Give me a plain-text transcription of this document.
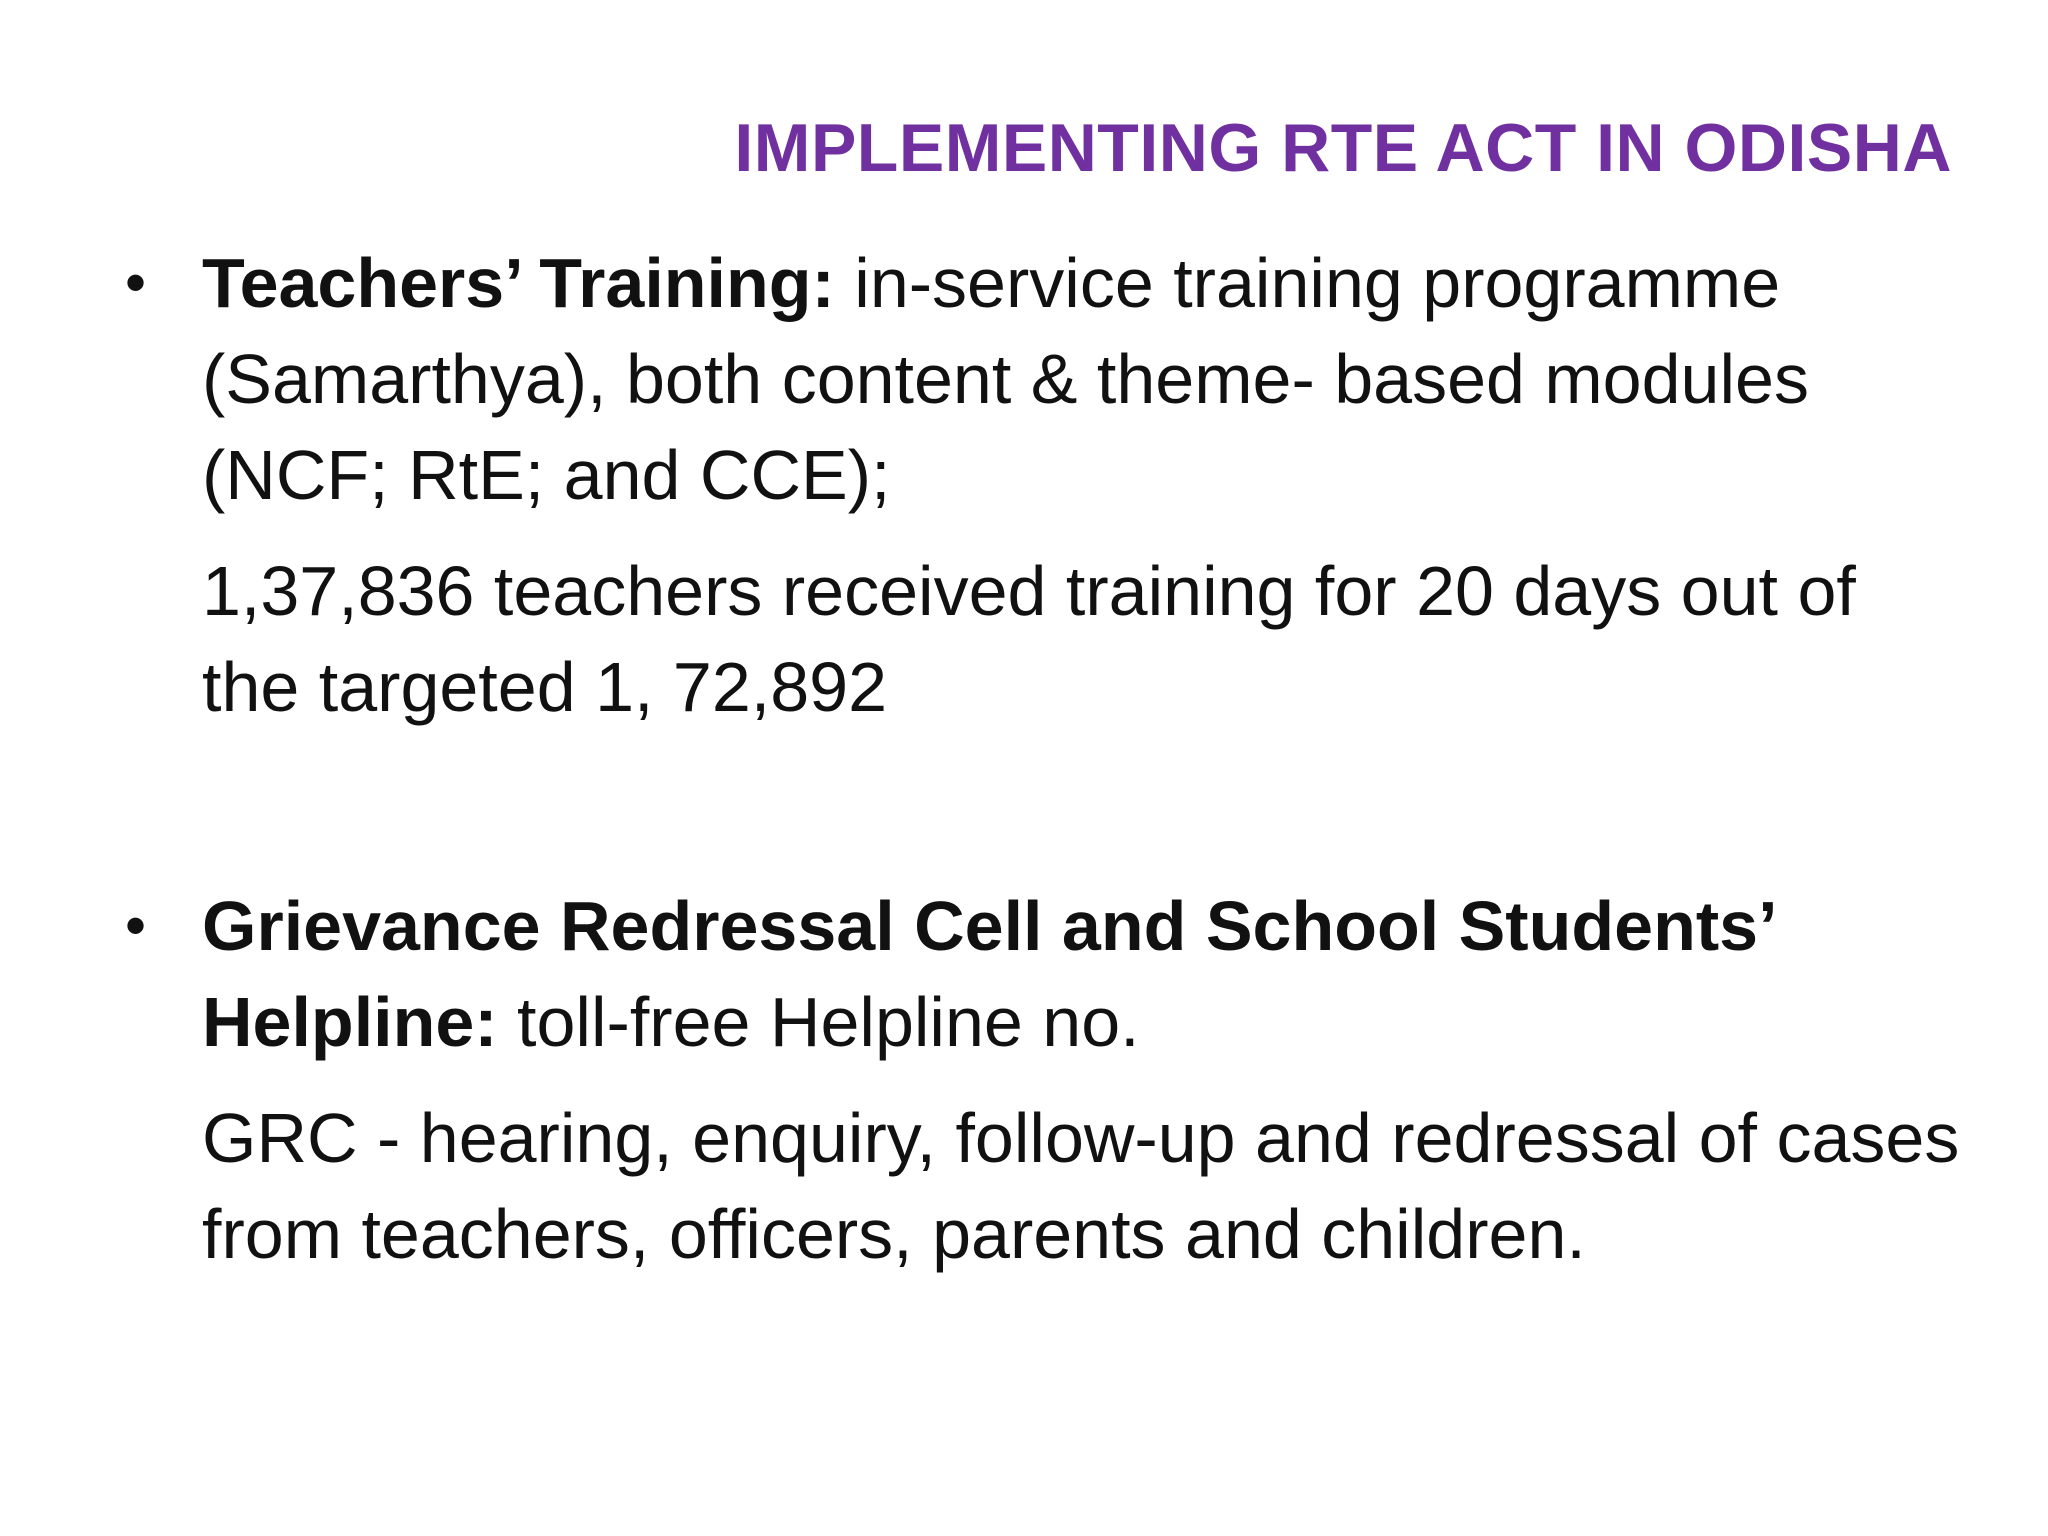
IMPLEMENTING RTE ACT IN ODISHA
• Teachers’ Training: in-service training programme (Samarthya), both content & theme- based modules (NCF; RtE; and CCE);

1,37,836 teachers received training for 20 days out of the targeted 1, 72,892

• Grievance Redressal Cell and School Students’ Helpline: toll-free Helpline no.

GRC - hearing, enquiry, follow-up and redressal of cases from teachers, officers, parents and children.
